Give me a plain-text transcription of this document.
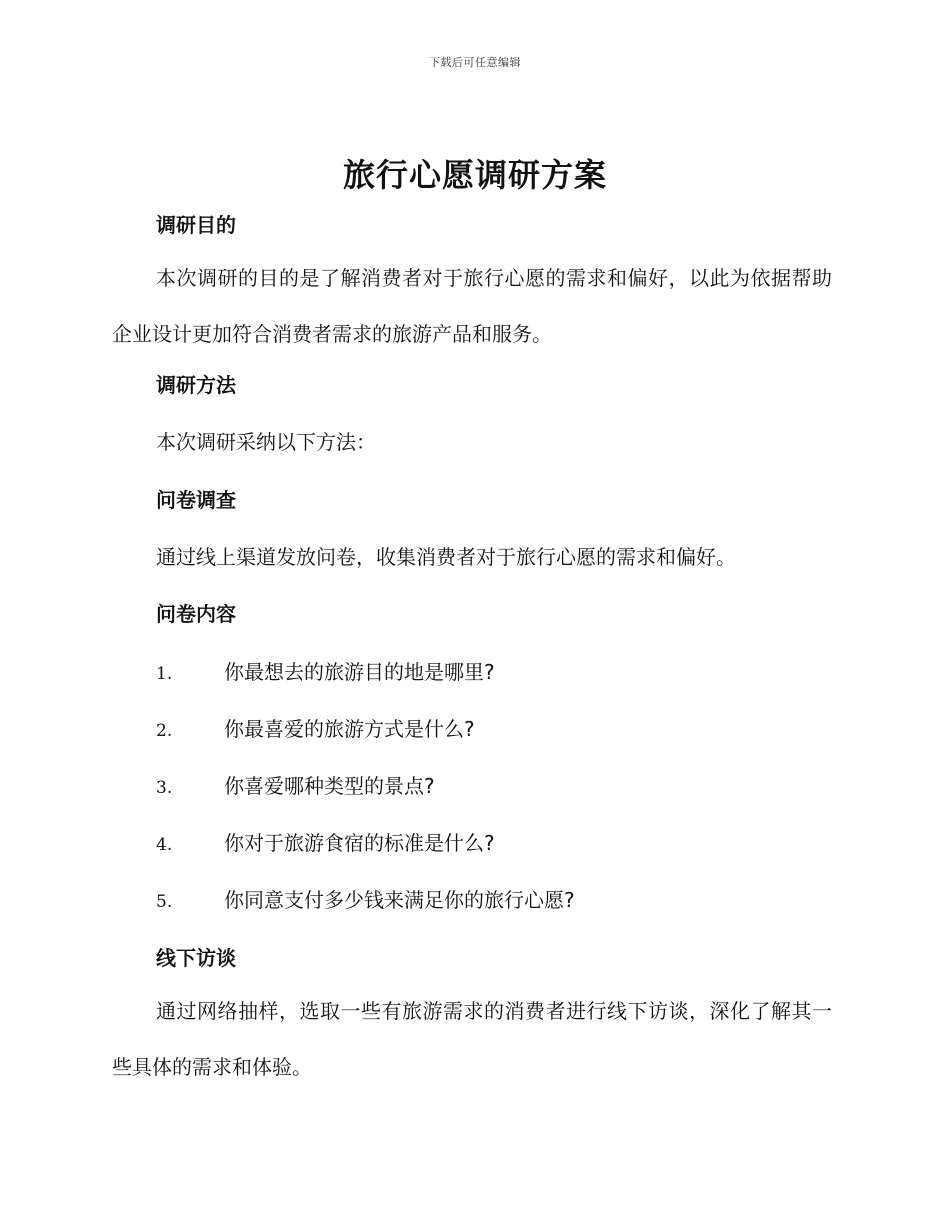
下载后可任意编辑
旅行心愿调研方案
调研目的

本次调研的目的是了解消费者对于旅行心愿的需求和偏好，以此为依据帮助企业设计更加符合消费者需求的旅游产品和服务。

调研方法
本次调研采纳以下方法：
问卷调查
通过线上渠道发放问卷，收集消费者对于旅行心愿的需求和偏好。
问卷内容
1.	你最想去的旅游目的地是哪里?
2.	你最喜爱的旅游方式是什么?
3.	你喜爱哪种类型的景点?
4.	你对于旅游食宿的标准是什么?
5.	你同意支付多少钱来满足你的旅行心愿?
线下访谈

通过网络抽样，选取一些有旅游需求的消费者进行线下访谈，深化了解其一些具体的需求和体验。
